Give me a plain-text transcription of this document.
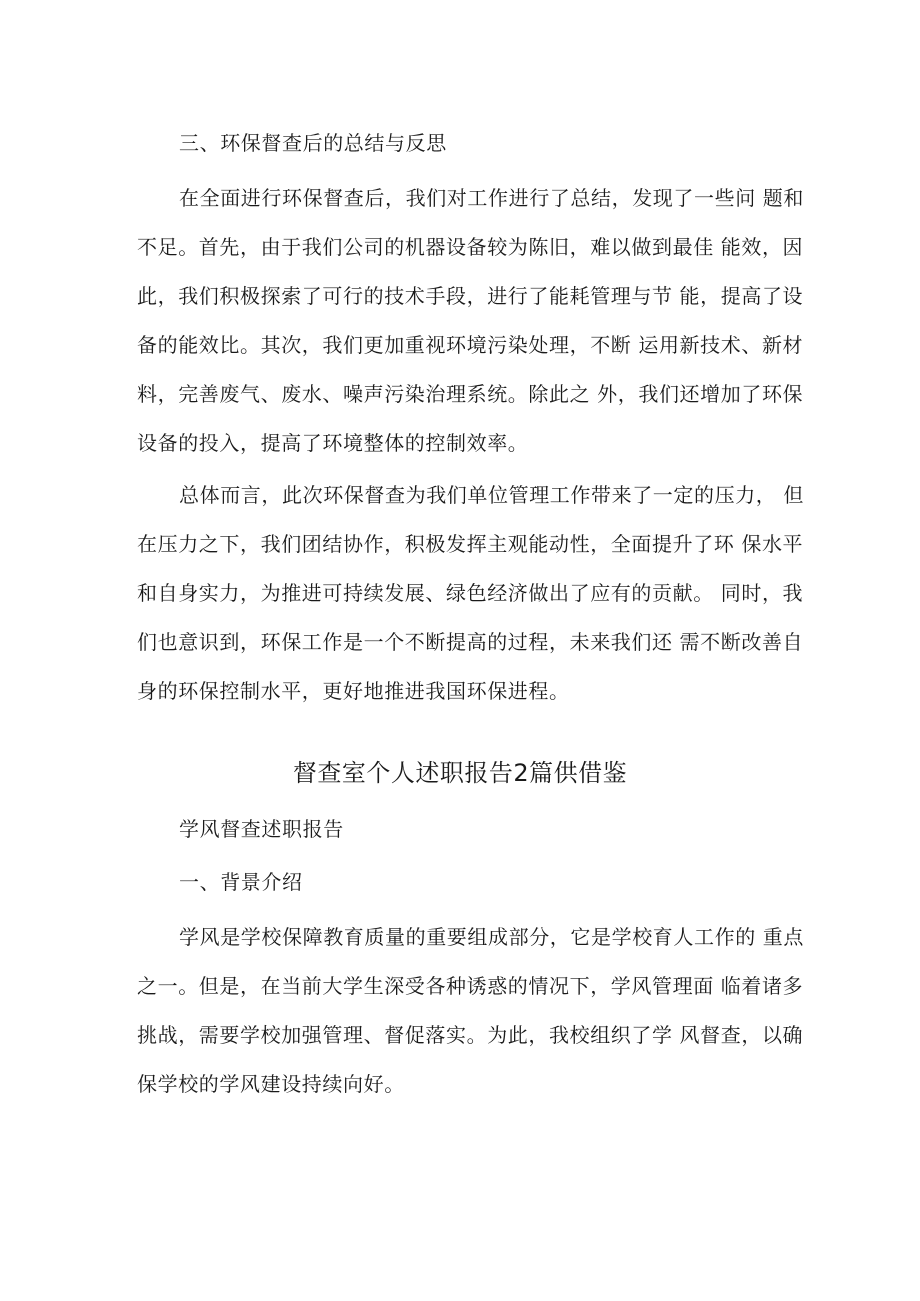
三、环保督查后的总结与反思
在全面进行环保督查后，我们对工作进行了总结，发现了一些问 题和
不足。首先，由于我们公司的机器设备较为陈旧，难以做到最佳 能效，因
此，我们积极探索了可行的技术手段，进行了能耗管理与节 能，提高了设
备的能效比。其次，我们更加重视环境污染处理，不断 运用新技术、新材
料，完善废气、废水、噪声污染治理系统。除此之 外，我们还增加了环保
设备的投入，提高了环境整体的控制效率。
总体而言，此次环保督查为我们单位管理工作带来了一定的压力， 但
在压力之下，我们团结协作，积极发挥主观能动性，全面提升了环 保水平
和自身实力，为推进可持续发展、绿色经济做出了应有的贡献。 同时，我
们也意识到，环保工作是一个不断提高的过程，未来我们还 需不断改善自
身的环保控制水平，更好地推进我国环保进程。
督查室个人述职报告2篇供借鉴
学风督查述职报告
一、背景介绍
学风是学校保障教育质量的重要组成部分，它是学校育人工作的 重点
之一。但是，在当前大学生深受各种诱惑的情况下，学风管理面 临着诸多
挑战，需要学校加强管理、督促落实。为此，我校组织了学 风督查，以确
保学校的学风建设持续向好。
